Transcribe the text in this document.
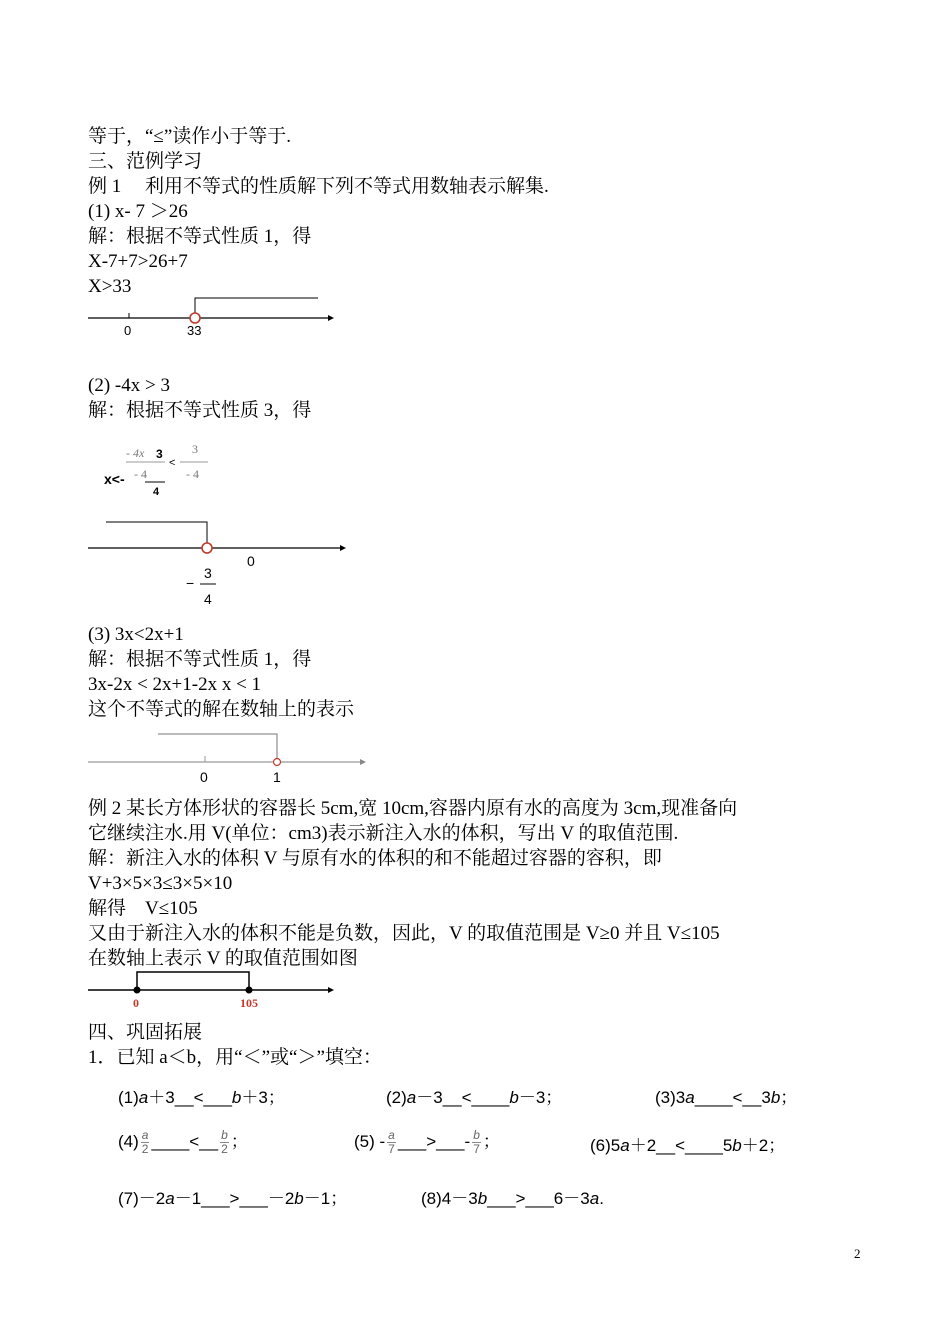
等于，“≤”读作小于等于.
三、范例学习
例 1　 利用不等式的性质解下列不等式用数轴表示解集.
(1) x- 7 ＞26
解：根据不等式性质 1，得
X-7+7>26+7
X>33
0	33
(2) -4x > 3
解：根据不等式性质 3，得
x<-
- 4x 3
<
3
- 4
4
- 4
0
−
3
4
(3) 3x<2x+1
解：根据不等式性质 1，得
3x-2x < 2x+1-2x x < 1
这个不等式的解在数轴上的表示
0	1
例 2 某长方体形状的容器长 5cm,宽 10cm,容器内原有水的高度为 3cm,现准备向
它继续注水.用 V(单位：cm3)表示新注入水的体积，写出 V 的取值范围.
解：新注入水的体积 V 与原有水的体积的和不能超过容器的容积，即
V+3×5×3≤3×5×10
解得　V≤105
又由于新注入水的体积不能是负数，因此，V 的取值范围是 V≥0 并且 V≤105
在数轴上表示 V 的取值范围如图
0	105
四、巩固拓展
1．已知 a＜b，用“＜”或“＞”填空：
(1)a＋3__<___b＋3；	(2)a－3__<____b－3；	(3)3a____<__3b；
$(4) \frac{a}{2}$ ____<__ $\frac{b}{2}$ ；	$(5) - \frac{a}{7}$ ___>___- $\frac{b}{7}$ ；	(6)5a＋2__<____5b＋2；
(7)－2a－1___>___－2b－1；	(8)4－3b___>___6－3a.
2
